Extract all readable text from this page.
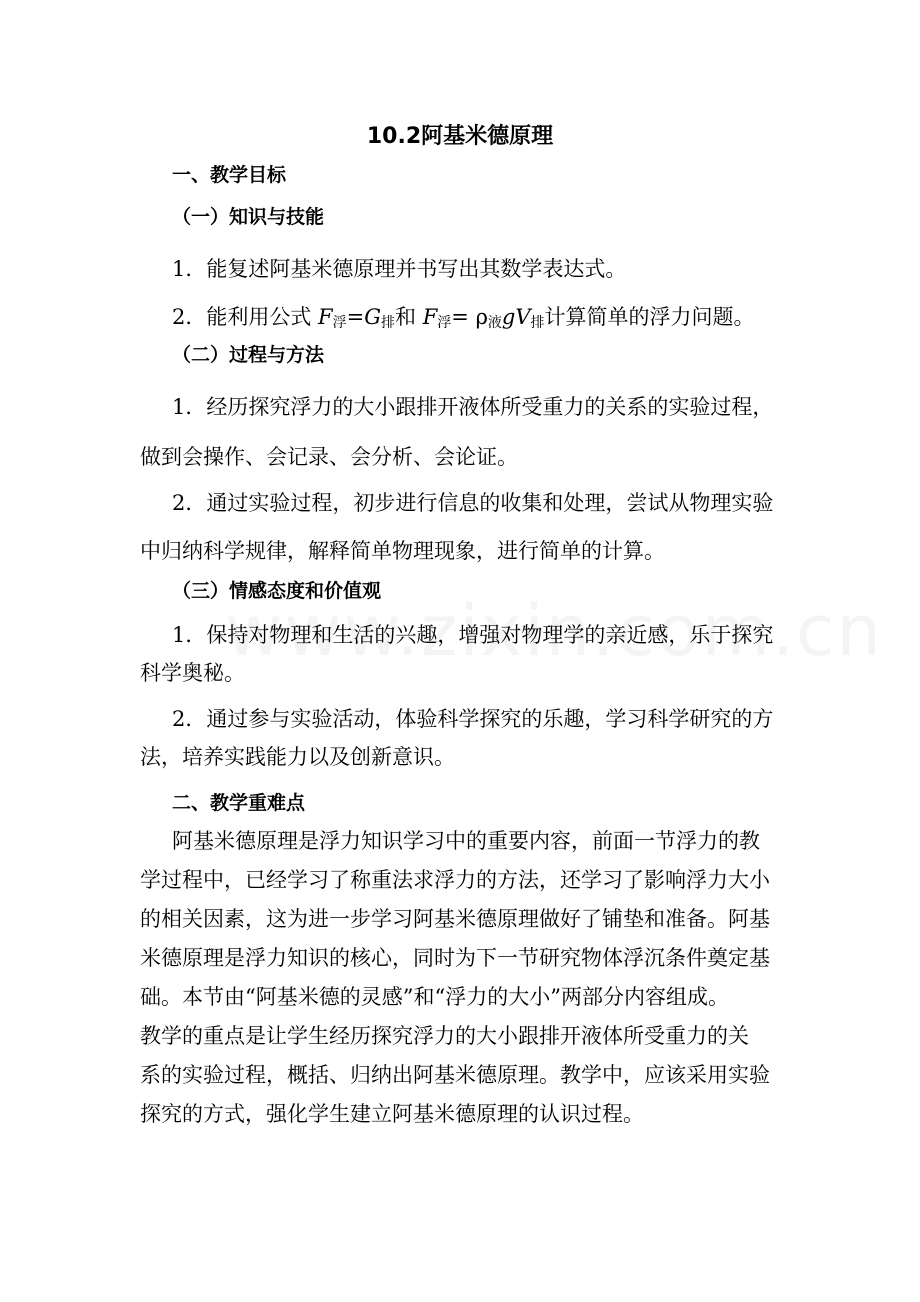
10.2阿基米德原理
一、教学目标
（一）知识与技能
1．能复述阿基米德原理并书写出其数学表达式。
2．能利用公式 $F_浮=G_排$和 $F_浮= \rho_液gV_排$计算简单的浮力问题。
（二）过程与方法
1．经历探究浮力的大小跟排开液体所受重力的关系的实验过程，
做到会操作、会记录、会分析、会论证。
2．通过实验过程，初步进行信息的收集和处理，尝试从物理实验
中归纳科学规律，解释简单物理现象，进行简单的计算。
（三）情感态度和价值观
1．保持对物理和生活的兴趣，增强对物理学的亲近感，乐于探究
科学奥秘。
2．通过参与实验活动，体验科学探究的乐趣，学习科学研究的方
法，培养实践能力以及创新意识。
二、教学重难点
阿基米德原理是浮力知识学习中的重要内容，前面一节浮力的教
学过程中，已经学习了称重法求浮力的方法，还学习了影响浮力大小
的相关因素，这为进一步学习阿基米德原理做好了铺垫和准备。阿基
米德原理是浮力知识的核心，同时为下一节研究物体浮沉条件奠定基
础。本节由“阿基米德的灵感”和“浮力的大小”两部分内容组成。
教学的重点是让学生经历探究浮力的大小跟排开液体所受重力的关
系的实验过程，概括、归纳出阿基米德原理。教学中，应该采用实验
探究的方式，强化学生建立阿基米德原理的认识过程。
